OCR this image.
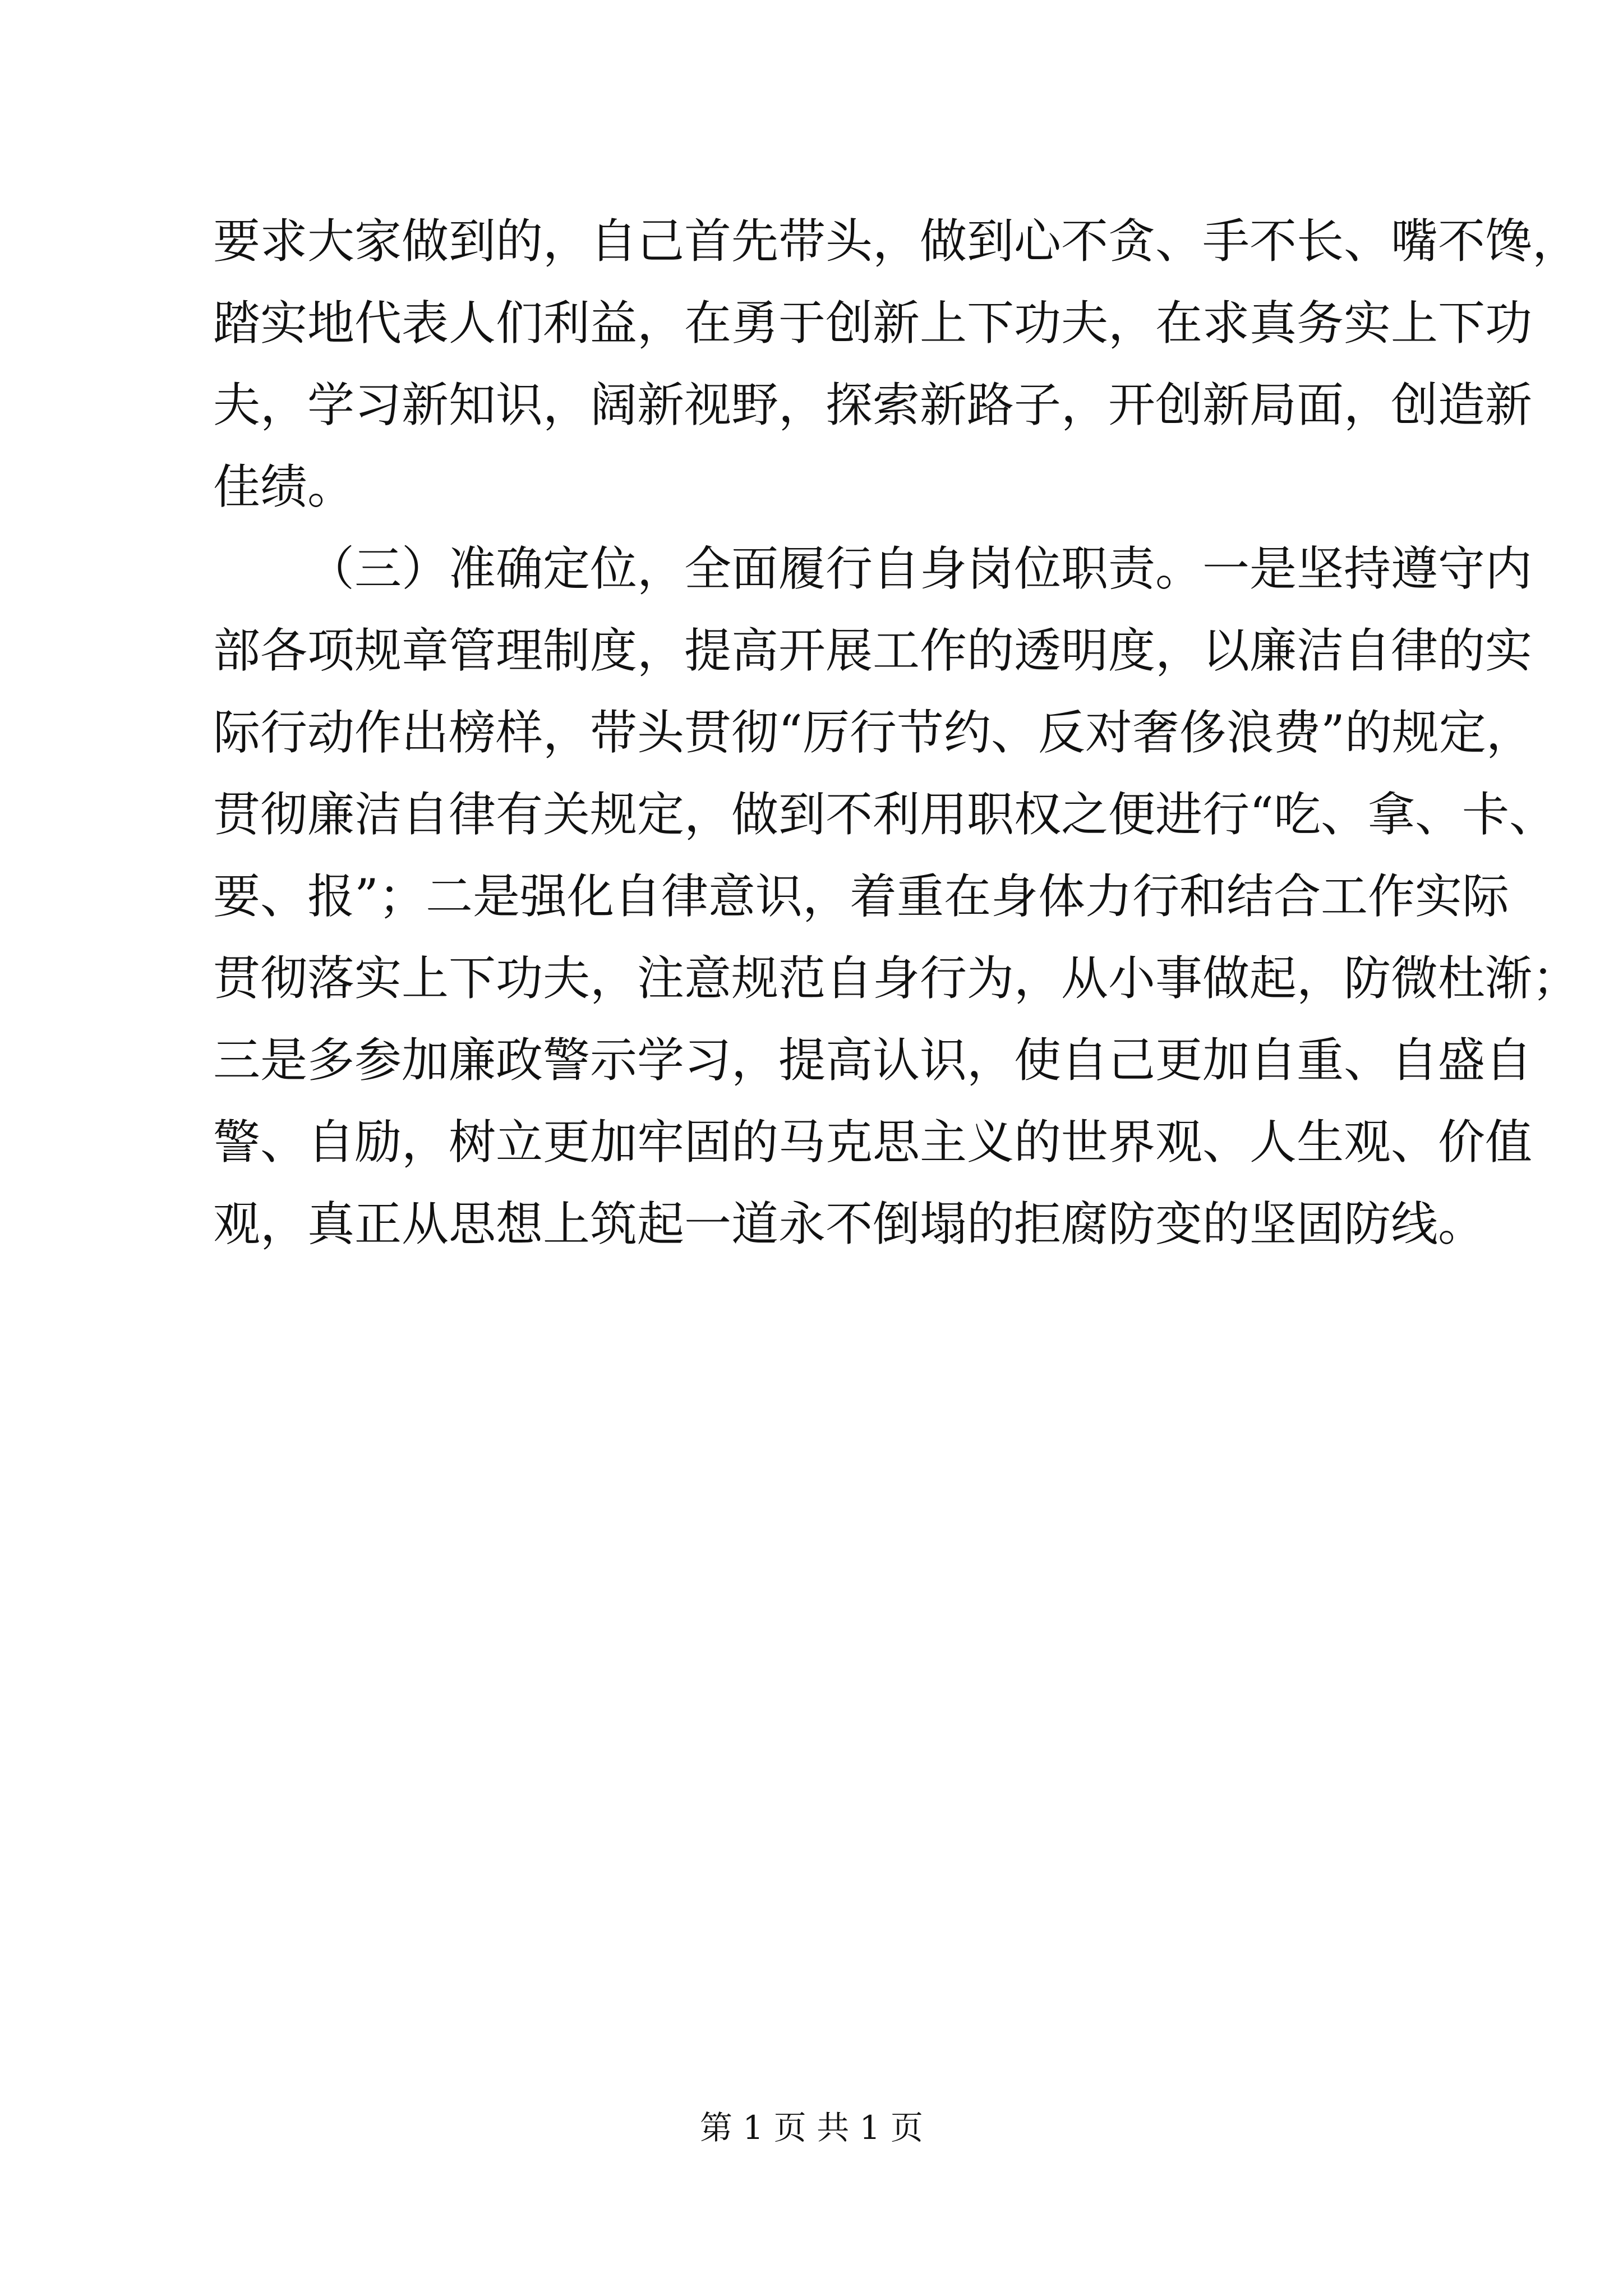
要求大家做到的，自己首先带头，做到心不贪、手不长、嘴不馋，
踏实地代表人们利益，在勇于创新上下功夫，在求真务实上下功
夫，学习新知识，阔新视野，探索新路子，开创新局面，创造新
佳绩。
（三）准确定位，全面履行自身岗位职责。一是坚持遵守内
部各项规章管理制度，提高开展工作的透明度，以廉洁自律的实
际行动作出榜样，带头贯彻“厉行节约、反对奢侈浪费”的规定，
贯彻廉洁自律有关规定，做到不利用职权之便进行“吃、拿、卡、
要、报”；二是强化自律意识，着重在身体力行和结合工作实际
贯彻落实上下功夫，注意规范自身行为，从小事做起，防微杜渐；
三是多参加廉政警示学习，提高认识，使自己更加自重、自盛自
警、自励，树立更加牢固的马克思主义的世界观、人生观、价值
观，真正从思想上筑起一道永不倒塌的拒腐防变的坚固防线。
第 1 页 共 1 页
